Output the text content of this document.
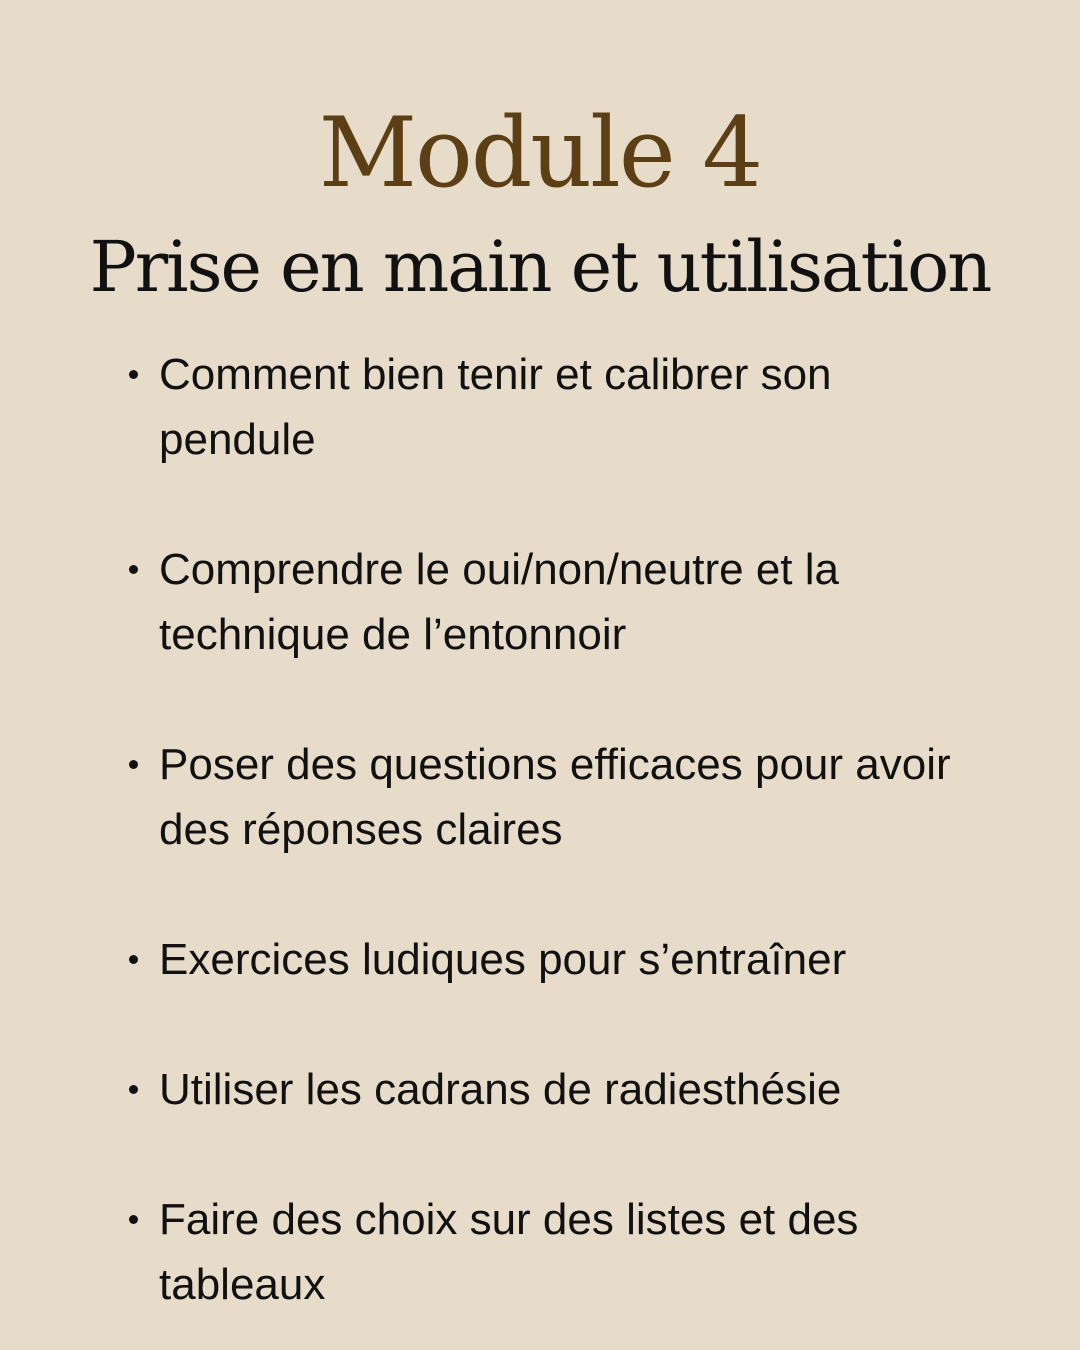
Module 4
Prise en main et utilisation
Comment bien tenir et calibrer son
pendule
Comprendre le oui/non/neutre et la
technique de l’entonnoir
Poser des questions efficaces pour avoir
des réponses claires
Exercices ludiques pour s’entraîner
Utiliser les cadrans de radiesthésie
Faire des choix sur des listes et des
tableaux
